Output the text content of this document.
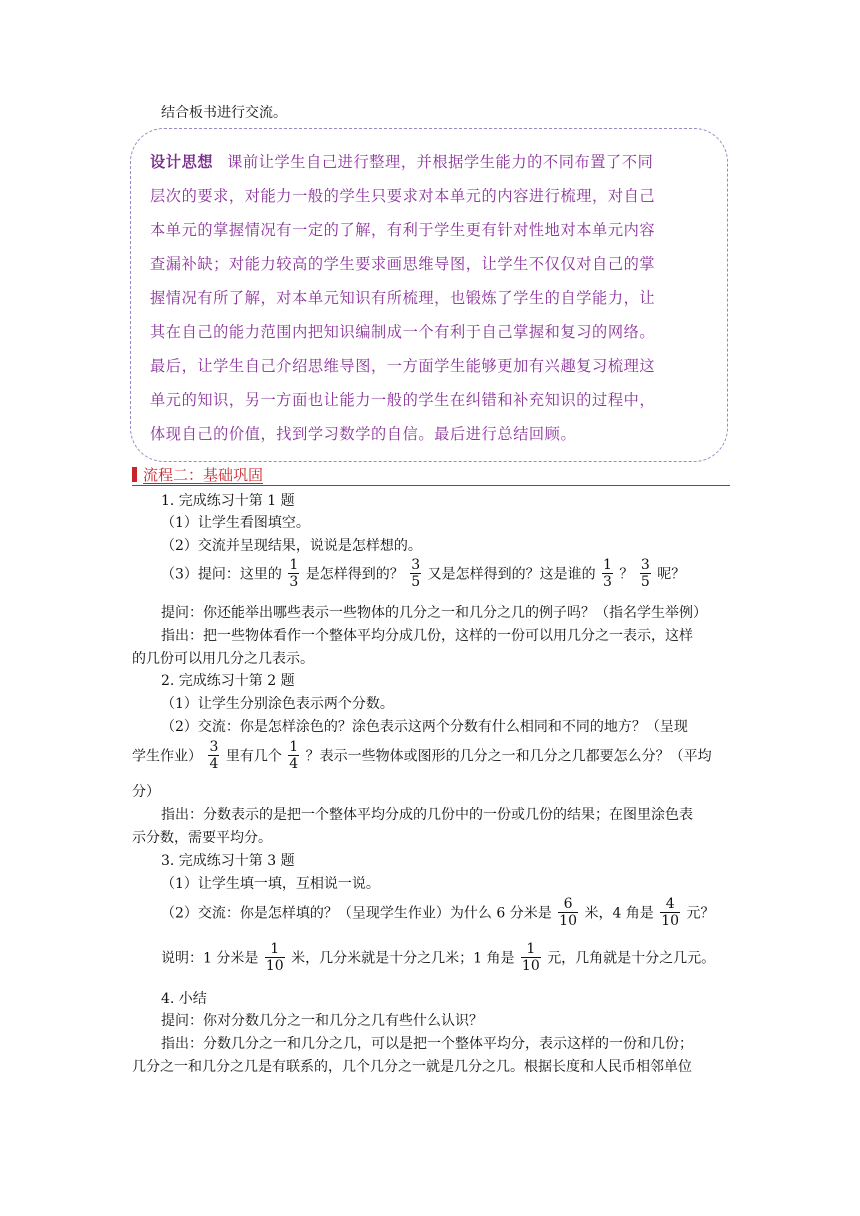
结合板书进行交流。
设计思想 课前让学生自己进行整理，并根据学生能力的不同布置了不同
层次的要求，对能力一般的学生只要求对本单元的内容进行梳理，对自己
本单元的掌握情况有一定的了解，有利于学生更有针对性地对本单元内容
查漏补缺；对能力较高的学生要求画思维导图，让学生不仅仅对自己的掌
握情况有所了解，对本单元知识有所梳理，也锻炼了学生的自学能力，让
其在自己的能力范围内把知识编制成一个有利于自己掌握和复习的网络。
最后，让学生自己介绍思维导图，一方面学生能够更加有兴趣复习梳理这
单元的知识，另一方面也让能力一般的学生在纠错和补充知识的过程中，
体现自己的价值，找到学习数学的自信。最后进行总结回顾。
流程二：基础巩固
1. 完成练习十第 1 题
（1）让学生看图填空。
（2）交流并呈现结果，说说是怎样想的。
（3）提问：这里的 $\frac{1}{3}$ 是怎样得到的？ $\frac{3}{5}$ 又是怎样得到的？这是谁的 $\frac{1}{3}$ ？ $\frac{3}{5}$ 呢？
提问：你还能举出哪些表示一些物体的几分之一和几分之几的例子吗？（指名学生举例）
指出：把一些物体看作一个整体平均分成几份，这样的一份可以用几分之一表示，这样
的几份可以用几分之几表示。
2. 完成练习十第 2 题
（1）让学生分别涂色表示两个分数。
（2）交流：你是怎样涂色的？涂色表示这两个分数有什么相同和不同的地方？（呈现
学生作业） $\frac{3}{4}$ 里有几个 $\frac{1}{4}$ ？表示一些物体或图形的几分之一和几分之几都要怎么分？（平均
分）
指出：分数表示的是把一个整体平均分成的几份中的一份或几份的结果；在图里涂色表
示分数，需要平均分。
3. 完成练习十第 3 题
（1）让学生填一填，互相说一说。
（2）交流：你是怎样填的？（呈现学生作业）为什么 6 分米是 $\frac{6}{10}$ 米，4 角是 $\frac{4}{10}$ 元？
说明：1 分米是 $\frac{1}{10}$ 米，几分米就是十分之几米；1 角是 $\frac{1}{10}$ 元，几角就是十分之几元。
4. 小结
提问：你对分数几分之一和几分之几有些什么认识？
指出：分数几分之一和几分之几，可以是把一个整体平均分，表示这样的一份和几份；
几分之一和几分之几是有联系的，几个几分之一就是几分之几。根据长度和人民币相邻单位
